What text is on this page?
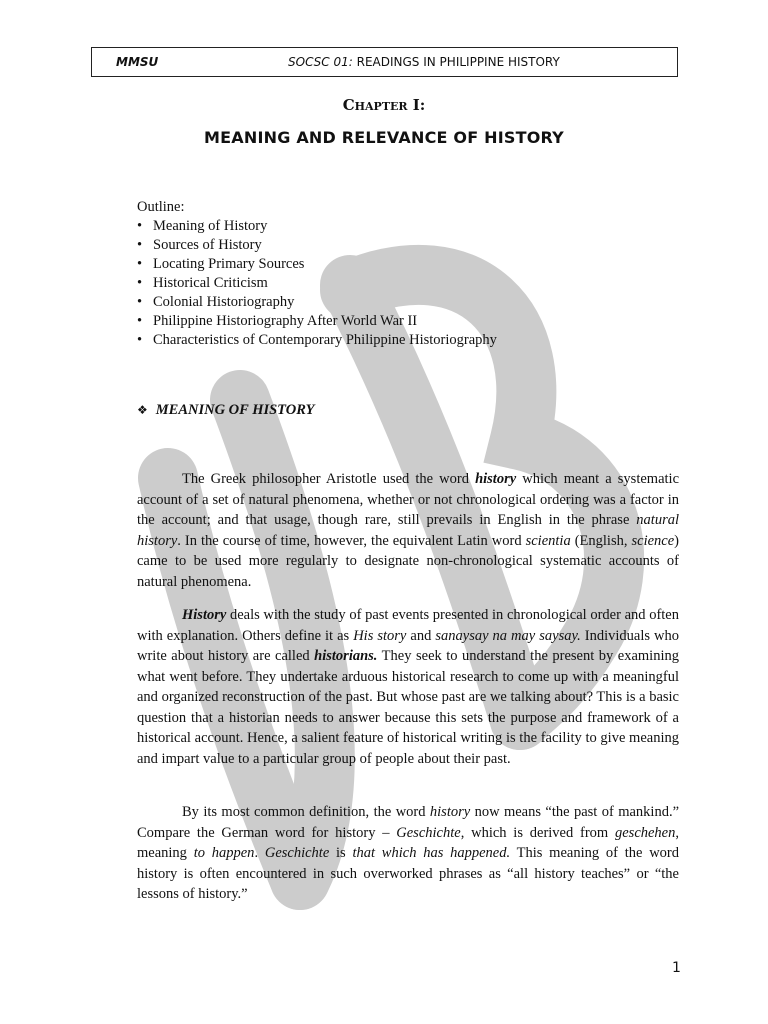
MMSU	SOCSC 01: READINGS IN PHILIPPINE HISTORY
Chapter I:
MEANING AND RELEVANCE OF HISTORY
Outline:
• Meaning of History
• Sources of History
• Locating Primary Sources
• Historical Criticism
• Colonial Historiography
• Philippine Historiography After World War II
• Characteristics of Contemporary Philippine Historiography
❖ MEANING OF HISTORY

The Greek philosopher Aristotle used the word history which meant a systematic account of a set of natural phenomena, whether or not chronological ordering was a factor in the account; and that usage, though rare, still prevails in English in the phrase natural history. In the course of time, however, the equivalent Latin word scientia (English, science) came to be used more regularly to designate non-chronological systematic accounts of natural phenomena.

History deals with the study of past events presented in chronological order and often with explanation. Others define it as His story and sanaysay na may saysay. Individuals who write about history are called historians. They seek to understand the present by examining what went before. They undertake arduous historical research to come up with a meaningful and organized reconstruction of the past. But whose past are we talking about? This is a basic question that a historian needs to answer because this sets the purpose and framework of a historical account. Hence, a salient feature of historical writing is the facility to give meaning and impart value to a particular group of people about their past.

By its most common definition, the word history now means “the past of mankind.” Compare the German word for history – Geschichte, which is derived from geschehen, meaning to happen. Geschichte is that which has happened. This meaning of the word history is often encountered in such overworked phrases as “all history teaches” or “the lessons of history.”

1
